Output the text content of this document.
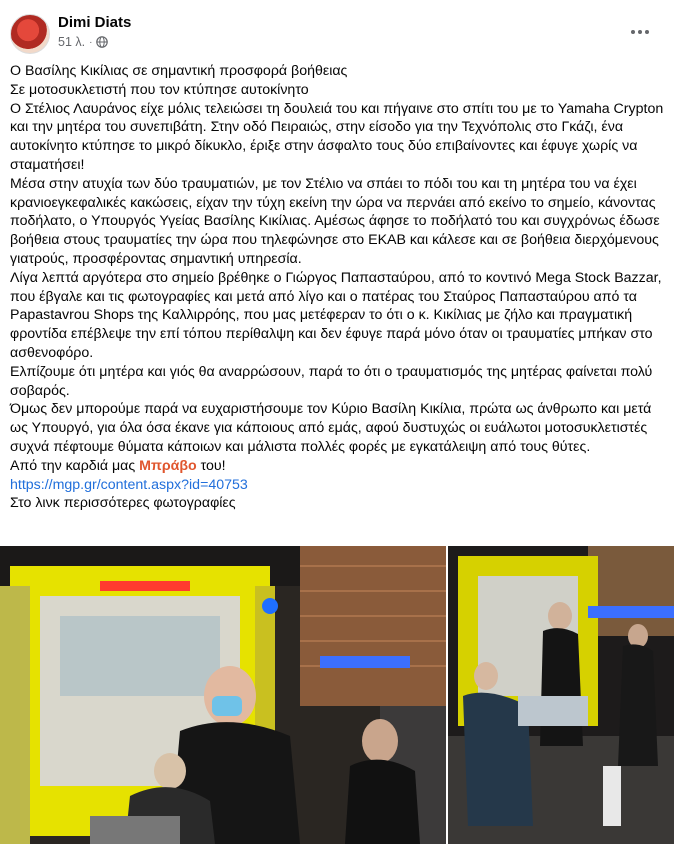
Dimi Diats
51 λ. ·

Ο Βασίλης Κικίλιας σε σημαντική προσφορά βοήθειας

Σε μοτοσυκλετιστή που τον κτύπησε αυτοκίνητο

Ο Στέλιος Λαυράνος είχε μόλις τελειώσει τη δουλειά του και πήγαινε στο σπίτι του με το Yamaha Crypton και την μητέρα του συνεπιβάτη. Στην οδό Πειραιώς, στην είσοδο για την Τεχνόπολις στο Γκάζι, ένα αυτοκίνητο κτύπησε το μικρό δίκυκλο, έριξε στην άσφαλτο τους δύο επιβαίνοντες και έφυγε χωρίς να σταματήσει!

Μέσα στην ατυχία των δύο τραυματιών, με τον Στέλιο να σπάει το πόδι του και τη μητέρα του να έχει κρανιοεγκεφαλικές κακώσεις, είχαν την τύχη εκείνη την ώρα να περνάει από εκείνο το σημείο, κάνοντας ποδήλατο, ο Υπουργός Υγείας Βασίλης Κικίλιας. Αμέσως άφησε το ποδήλατό του και συγχρόνως έδωσε βοήθεια στους τραυματίες την ώρα που τηλεφώνησε στο ΕΚΑΒ και κάλεσε και σε βοήθεια διερχόμενους γιατρούς, προσφέροντας σημαντική υπηρεσία.

Λίγα λεπτά αργότερα στο σημείο βρέθηκε ο Γιώργος Παπασταύρου, από το κοντινό Mega Stock Bazzar, που έβγαλε και τις φωτογραφίες και μετά από λίγο και ο πατέρας του Σταύρος Παπασταύρου από τα Papastavrou Shops της Καλλιρρόης, που μας μετέφεραν το ότι ο κ. Κικίλιας με ζήλο και πραγματική φροντίδα επέβλεψε την επί τόπου περίθαλψη και δεν έφυγε παρά μόνο όταν οι τραυματίες μπήκαν στο ασθενοφόρο.

Ελπίζουμε ότι μητέρα και γιός θα αναρρώσουν, παρά το ότι ο τραυματισμός της μητέρας φαίνεται πολύ σοβαρός.

Όμως δεν μπορούμε παρά να ευχαριστήσουμε τον Κύριο Βασίλη Κικίλια, πρώτα ως άνθρωπο και μετά ως Υπουργό, για όλα όσα έκανε για κάποιους από εμάς, αφού δυστυχώς οι ευάλωτοι μοτοσυκλετιστές συχνά πέφτουμε θύματα κάποιων και μάλιστα πολλές φορές με εγκατάλειψη από τους θύτες.

Από την καρδιά μας Μπράβο του!

https://mgp.gr/content.aspx?id=40753

Στο λινκ περισσότερες φωτογραφίες
